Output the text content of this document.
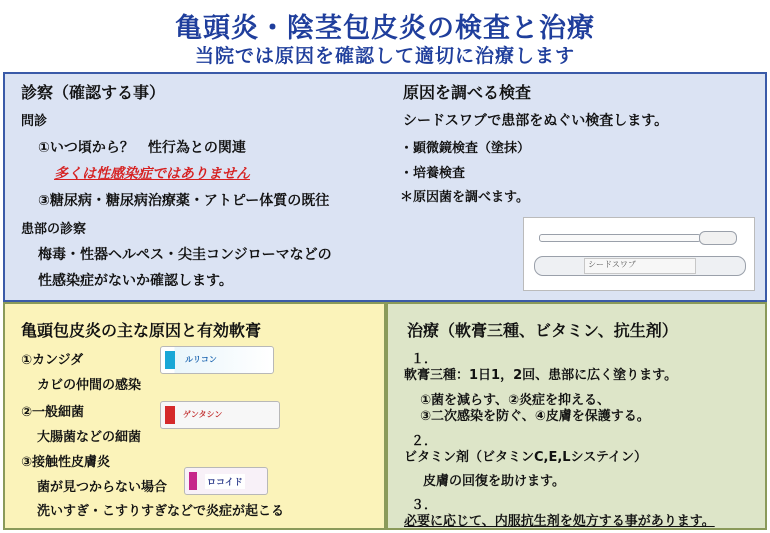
亀頭炎・陰茎包皮炎の検査と治療
当院では原因を確認して適切に治療します
診察（確認する事）
問診
①いつ頃から？　性行為との関連
多くは性感染症ではありません
③糖尿病・糖尿病治療薬・アトピー体質の既往
患部の診察
梅毒・性器ヘルペス・尖圭コンジローマなどの
性感染症がないか確認します。
原因を調べる検査
シードスワブで患部をぬぐい検査します。
・顕微鏡検査（塗抹）
・培養検査
＊原因菌を調べます。
シードスワブ
亀頭包皮炎の主な原因と有効軟膏
①カンジダ
カビの仲間の感染
②一般細菌
大腸菌などの細菌
③接触性皮膚炎
菌が見つからない場合
洗いすぎ・こすりすぎなどで炎症が起こる
ルリコン
ゲンタシン
ロコイド
治療（軟膏三種、ビタミン、抗生剤）
１．
軟膏三種：1日1，2回、患部に広く塗ります。
①菌を減らす、②炎症を抑える、
③二次感染を防ぐ、④皮膚を保護する。
２．
ビタミン剤（ビタミンC,E,Lシステイン）
皮膚の回復を助けます。
３．
必要に応じて、内服抗生剤を処方する事があります。
